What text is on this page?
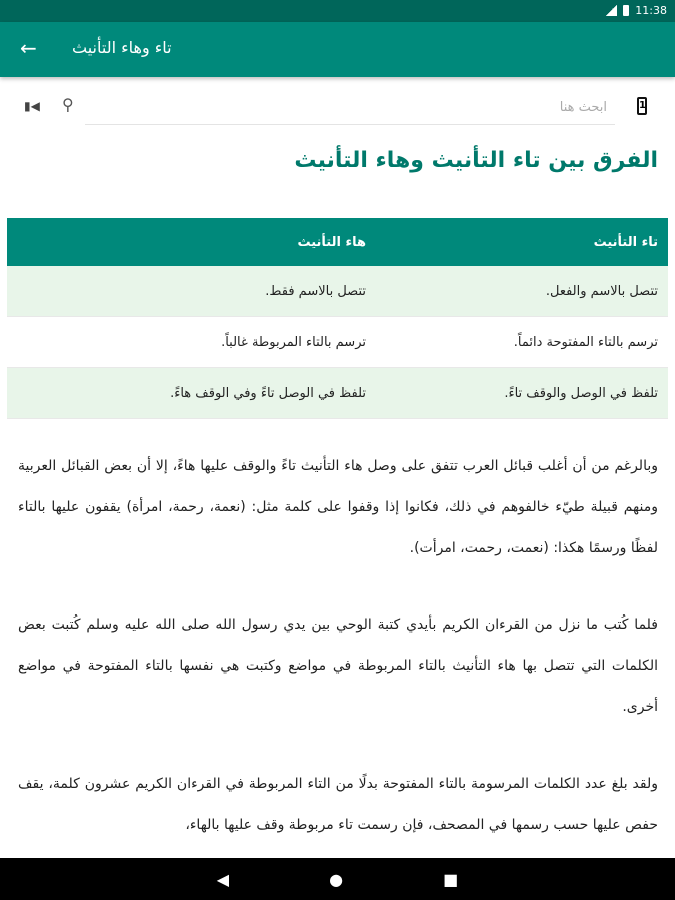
11:38
← تاء وهاء التأنيث
▮◀ ⚲
ابحث هنا	1
الفرق بين تاء التأنيث وهاء التأنيث
تاء التأنيث	هاء التأنيث
تتصل بالاسم والفعل.	تتصل بالاسم فقط.
ترسم بالتاء المفتوحة دائماً.	ترسم بالتاء المربوطة غالباً.
تلفظ في الوصل والوقف تاءً.	تلفظ في الوصل تاءً وفي الوقف هاءً.

وبالرغم من أن أغلب قبائل العرب تتفق على وصل هاء التأنيث تاءً والوقف عليها هاءً، إلا أن بعض القبائل العربية ومنهم قبيلة طيّء خالفوهم في ذلك، فكانوا إذا وقفوا على كلمة مثل: (نعمة، رحمة، امرأة) يقفون عليها بالتاء لفظًا ورسمًا هكذا: (نعمت، رحمت، امرأت).

فلما كُتب ما نزل من القرءان الكريم بأيدي كتبة الوحي بين يدي رسول الله صلى الله عليه وسلم كُتبت بعض الكلمات التي تتصل بها هاء التأنيث بالتاء المربوطة في مواضع وكتبت هي نفسها بالتاء المفتوحة في مواضع أخرى.

ولقد بلغ عدد الكلمات المرسومة بالتاء المفتوحة بدلًا من التاء المربوطة في القرءان الكريم عشرون كلمة، يقف حفص عليها حسب رسمها في المصحف، فإن رسمت تاء مربوطة وقف عليها بالهاء،

◀	●	■
